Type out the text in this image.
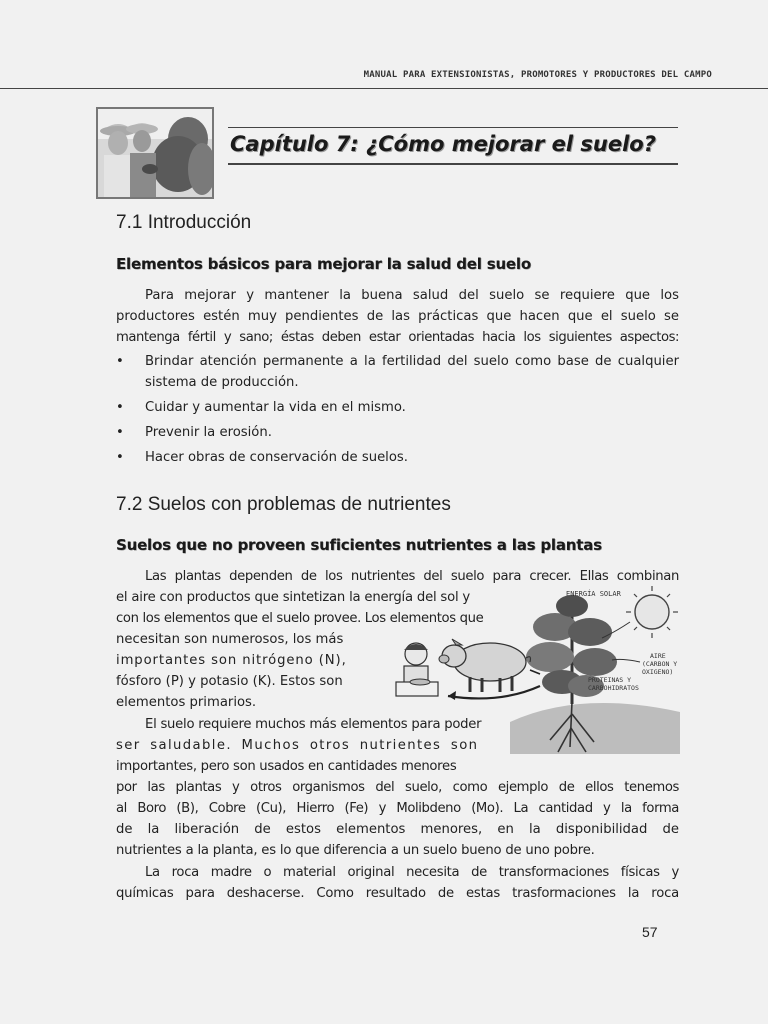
MANUAL PARA EXTENSIONISTAS, PROMOTORES Y PRODUCTORES DEL CAMPO
Capítulo 7: ¿Cómo mejorar el suelo?
7.1 Introducción
Elementos básicos para mejorar la salud del suelo
Para mejorar y mantener la buena salud del suelo se requiere que los
productores estén muy pendientes de las prácticas que hacen que el suelo se
mantenga fértil y sano; éstas deben estar orientadas hacia los siguientes aspectos:
• Brindar atención permanente a la fertilidad del suelo como base de cualquier sistema de producción.
• Cuidar y aumentar la vida en el mismo.
• Prevenir la erosión.
• Hacer obras de conservación de suelos.
7.2 Suelos con problemas de nutrientes
Suelos que no proveen suficientes nutrientes a las plantas
Las plantas dependen de los nutrientes del suelo para crecer. Ellas combinan
el aire con productos que sintetizan la energía del sol y
con los elementos que el suelo provee. Los elementos que
necesitan son numerosos, los más
importantes son nitrógeno (N),
fósforo (P) y potasio (K). Estos son
elementos primarios.
El suelo requiere muchos más elementos para poder
ser saludable. Muchos otros nutrientes son
importantes, pero son usados en cantidades menores
por las plantas y otros organismos del suelo, como ejemplo de ellos tenemos
al Boro (B), Cobre (Cu), Hierro (Fe) y Molibdeno (Mo). La cantidad y la forma
de la liberación de estos elementos menores, en la disponibilidad de
nutrientes a la planta, es lo que diferencia a un suelo bueno de uno pobre.
La roca madre o material original necesita de transformaciones físicas y
químicas para deshacerse. Como resultado de estas trasformaciones la roca
ENERGÍA SOLAR
AIRE
(CARBON Y
OXIGENO)
PROTEINAS Y
CARBOHIDRATOS
57
